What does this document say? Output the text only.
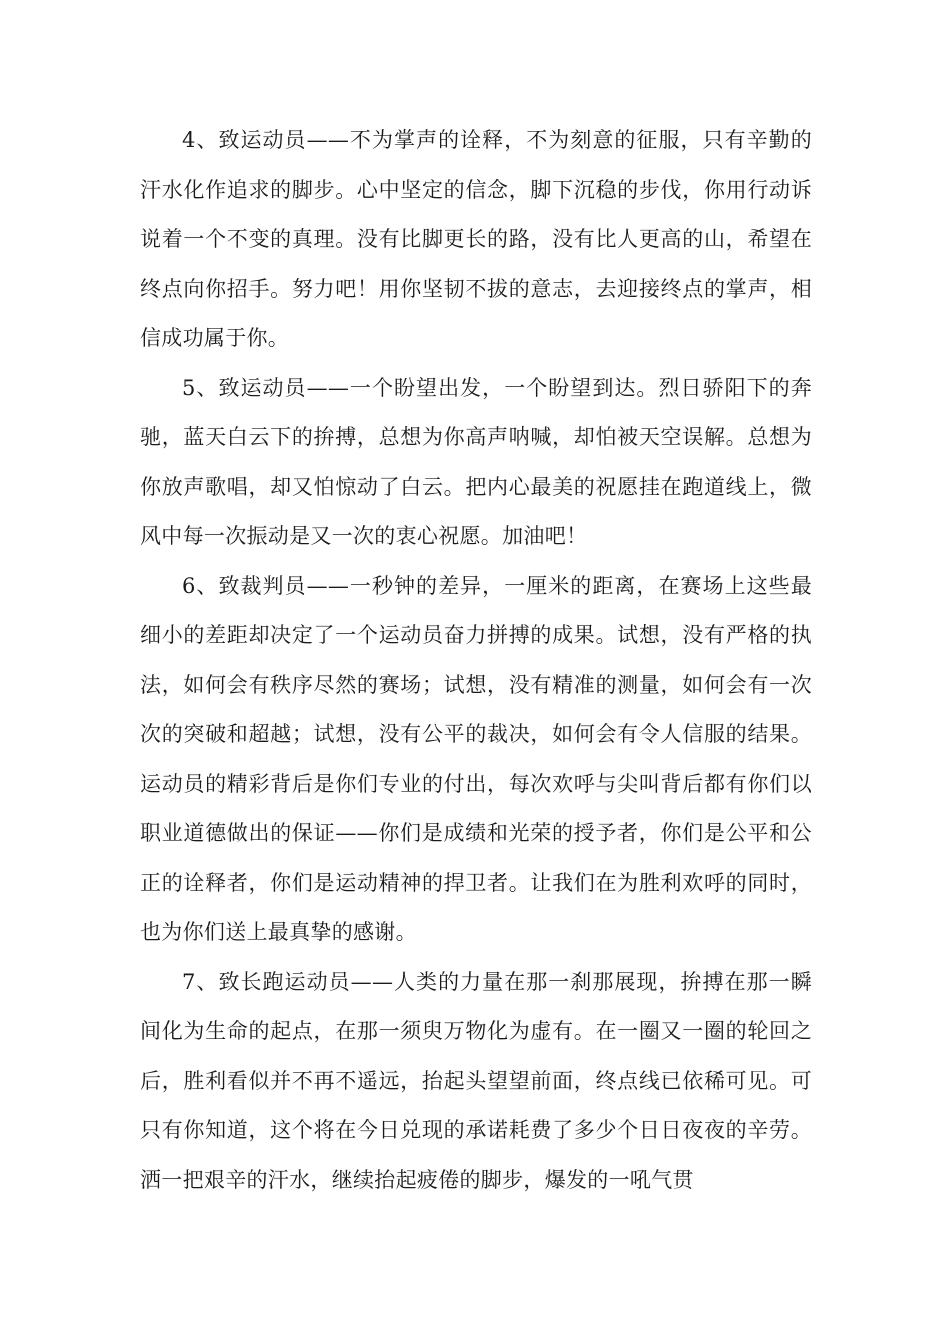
4、致运动员——不为掌声的诠释，不为刻意的征服，只有辛勤的汗水化作追求的脚步。心中坚定的信念，脚下沉稳的步伐，你用行动诉说着一个不变的真理。没有比脚更长的路，没有比人更高的山，希望在终点向你招手。努力吧！用你坚韧不拔的意志，去迎接终点的掌声，相信成功属于你。

5、致运动员——一个盼望出发，一个盼望到达。烈日骄阳下的奔驰，蓝天白云下的拚搏，总想为你高声呐喊，却怕被天空误解。总想为你放声歌唱，却又怕惊动了白云。把内心最美的祝愿挂在跑道线上，微风中每一次振动是又一次的衷心祝愿。加油吧！

6、致裁判员——一秒钟的差异，一厘米的距离，在赛场上这些最细小的差距却决定了一个运动员奋力拼搏的成果。试想，没有严格的执法，如何会有秩序尽然的赛场；试想，没有精准的测量，如何会有一次次的突破和超越；试想，没有公平的裁决，如何会有令人信服的结果。运动员的精彩背后是你们专业的付出，每次欢呼与尖叫背后都有你们以职业道德做出的保证——你们是成绩和光荣的授予者，你们是公平和公正的诠释者，你们是运动精神的捍卫者。让我们在为胜利欢呼的同时，也为你们送上最真挚的感谢。

7、致长跑运动员——人类的力量在那一刹那展现，拚搏在那一瞬间化为生命的起点，在那一须臾万物化为虚有。在一圈又一圈的轮回之后，胜利看似并不再不遥远，抬起头望望前面，终点线已依稀可见。可只有你知道，这个将在今日兑现的承诺耗费了多少个日日夜夜的辛劳。洒一把艰辛的汗水，继续抬起疲倦的脚步，爆发的一吼气贯
